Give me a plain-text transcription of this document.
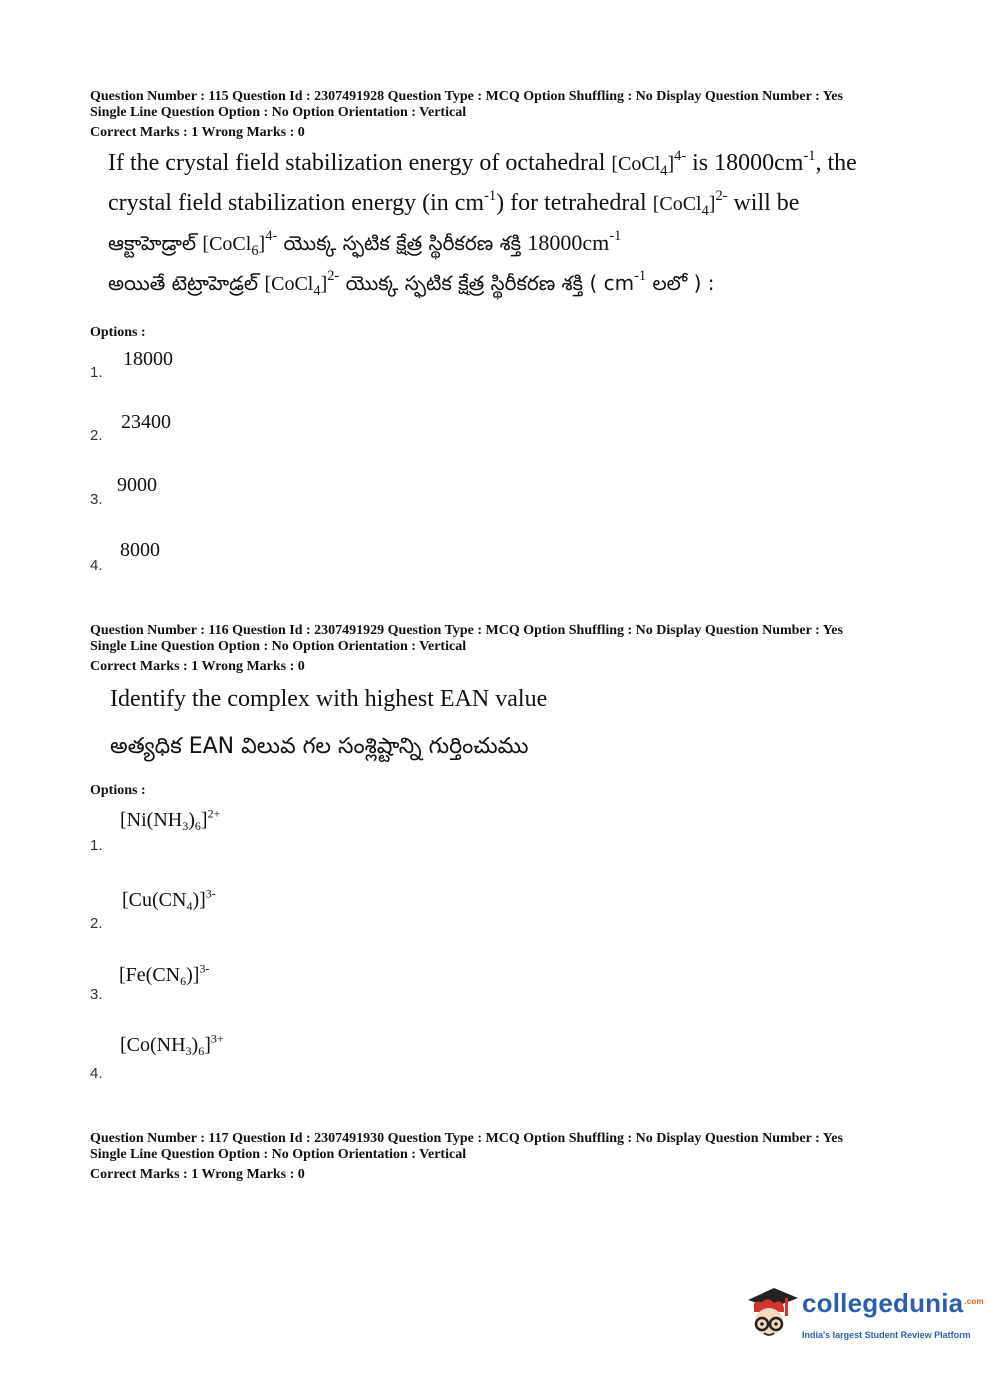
Question Number : 115 Question Id : 2307491928 Question Type : MCQ Option Shuffling : No Display Question Number : Yes
Single Line Question Option : No Option Orientation : Vertical
Correct Marks : 1 Wrong Marks : 0
If the crystal field stabilization energy of octahedral [CoCl$_4$]$^{4-}$ is $18000cm^{-1}$, the
crystal field stabilization energy (in $cm^{-1}$) for tetrahedral [CoCl$_4$]$^{2-}$ will be
ఆక్టాహెడ్రాల్ [CoCl$_6$]$^{4-}$ యొక్క స్ఫటిక క్షేత్ర స్థిరీకరణ శక్తి $18000cm^{-1}$
అయితే టెట్రాహెడ్రల్ [CoCl$_4$]$^{2-}$ యొక్క స్ఫటిక క్షేత్ర స్థిరీకరణ శక్తి ( $cm^{-1}$ లలో ) :
Options :
1.
18000
2.
23400
3.
9000
4.
8000
Question Number : 116 Question Id : 2307491929 Question Type : MCQ Option Shuffling : No Display Question Number : Yes
Single Line Question Option : No Option Orientation : Vertical
Correct Marks : 1 Wrong Marks : 0
Identify the complex with highest EAN value
అత్యధిక EAN విలువ గల సంశ్లిష్టాన్ని గుర్తించుము
Options :
1.
$[Ni(NH_3)_6]^{2+}$
2.
$[Cu(CN_4)]^{3-}$
3.
$[Fe(CN_6)]^{3-}$
4.
$[Co(NH_3)_6]^{3+}$
Question Number : 117 Question Id : 2307491930 Question Type : MCQ Option Shuffling : No Display Question Number : Yes
Single Line Question Option : No Option Orientation : Vertical
Correct Marks : 1 Wrong Marks : 0
collegedunia$^{.com}$
India's largest Student Review Platform
